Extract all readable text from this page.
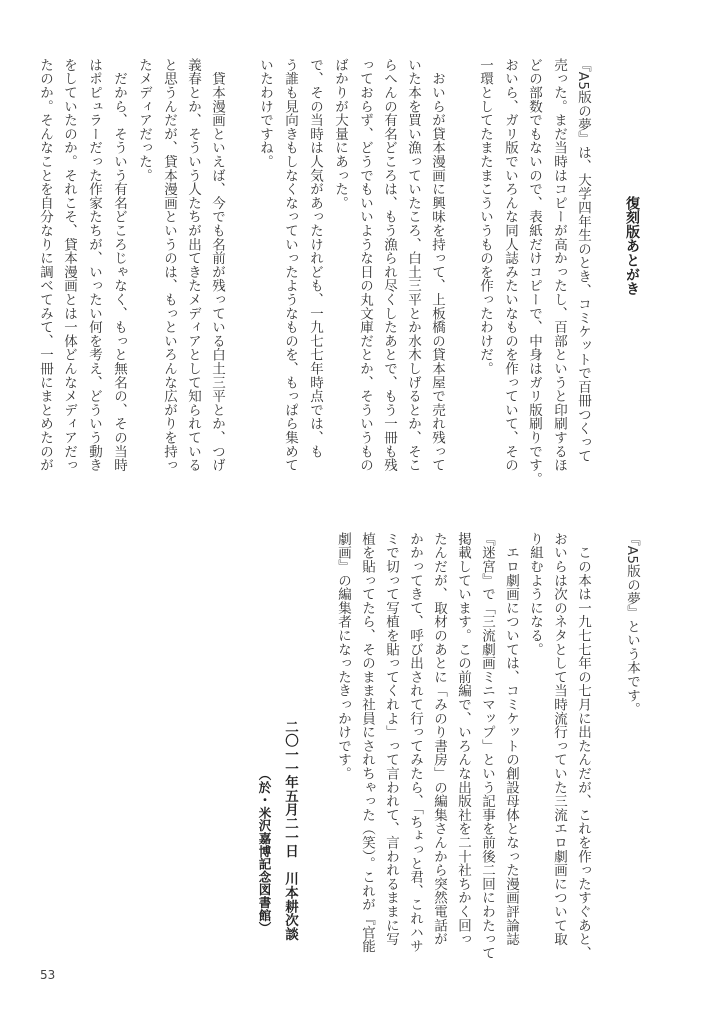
復刻版あとがき
『A5版の夢』は、大学四年生のとき、コミケットで百冊つくって
売った。まだ当時はコピーが高かったし、百部というと印刷するほ
どの部数でもないので、表紙だけコピーで、中身はガリ版刷りです。
おいら、ガリ版でいろんな同人誌みたいなものを作っていて、その
一環としてたまたまこういうものを作ったわけだ。
　おいらが貸本漫画に興味を持って、上板橋の貸本屋で売れ残って
いた本を買い漁っていたころ、白土三平とか水木しげるとか、そこ
らへんの有名どころは、もう漁られ尽くしたあとで、もう一冊も残
っておらず、どうでもいいような日の丸文庫だとか、そういうもの
ばかりが大量にあった。
で、その当時は人気があったけれども、一九七七年時点では、も
う誰も見向きもしなくなっていったようなものを、もっぱら集めて
いたわけですね。
　貸本漫画といえば、今でも名前が残っている白土三平とか、つげ
義春とか、そういう人たちが出てきたメディアとして知られている
と思うんだが、貸本漫画というのは、もっといろんな広がりを持っ
たメディアだった。
　だから、そういう有名どころじゃなく、もっと無名の、その当時
はポピュラーだった作家たちが、いったい何を考え、どういう動き
をしていたのか。それこそ、貸本漫画とは一体どんなメディアだっ
たのか。そんなことを自分なりに調べてみて、一冊にまとめたのが
『A5版の夢』という本です。
　この本は一九七七年の七月に出たんだが、これを作ったすぐあと、
おいらは次のネタとして当時流行っていた三流エロ劇画について取
り組むようになる。
　エロ劇画については、コミケットの創設母体となった漫画評論誌
『迷宮』で「三流劇画ミニマップ」という記事を前後二回にわたって
掲載しています。この前編で、いろんな出版社を二十社ちかく回っ
たんだが、取材のあとに「みのり書房」の編集さんから突然電話が
かかってきて、呼び出されて行ってみたら、「ちょっと君、これハサ
ミで切って写植を貼ってくれよ」って言われて、言われるままに写
植を貼ってたら、そのまま社員にされちゃった（笑）。これが『官能
劇画』の編集者になったきっかけです。
二〇一一年五月二一日　川本耕次談
（於・米沢嘉博記念図書館）
53
